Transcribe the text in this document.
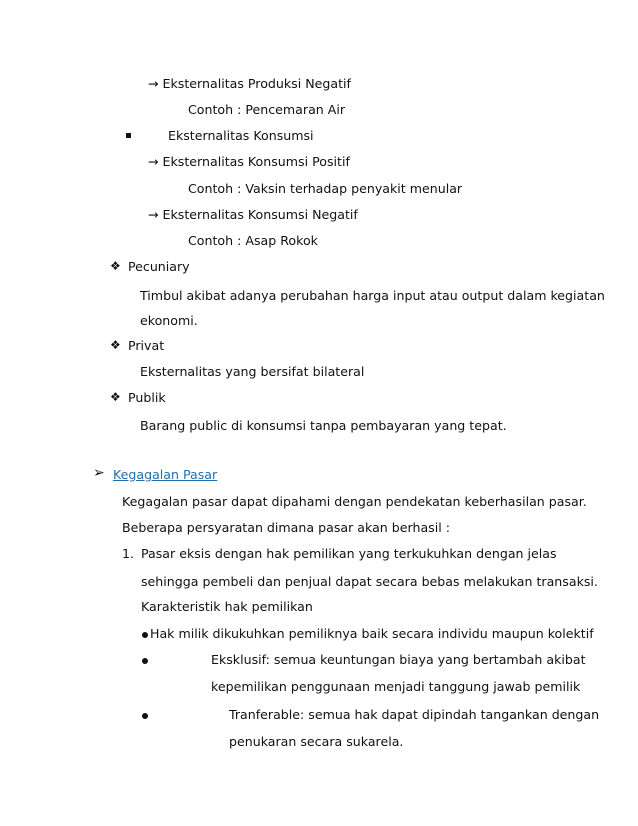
→ Eksternalitas Produksi Negatif
Contoh : Pencemaran Air
Eksternalitas Konsumsi
→ Eksternalitas Konsumsi Positif
Contoh : Vaksin terhadap penyakit menular
→ Eksternalitas Konsumsi Negatif
Contoh : Asap Rokok
❖ Pecuniary
Timbul akibat adanya perubahan harga input atau output dalam kegiatan
ekonomi.
❖ Privat
Eksternalitas yang bersifat bilateral
❖ Publik
Barang public di konsumsi tanpa pembayaran yang tepat.
➢ Kegagalan Pasar
Kegagalan pasar dapat dipahami dengan pendekatan keberhasilan pasar.
Beberapa persyaratan dimana pasar akan berhasil :
1. Pasar eksis dengan hak pemilikan yang terkukuhkan dengan jelas
sehingga pembeli dan penjual dapat secara bebas melakukan transaksi.
Karakteristik hak pemilikan
Hak milik dikukuhkan pemiliknya baik secara individu maupun kolektif
Eksklusif: semua keuntungan biaya yang bertambah akibat
kepemilikan penggunaan menjadi tanggung jawab pemilik
Tranferable: semua hak dapat dipindah tangankan dengan
penukaran secara sukarela.
